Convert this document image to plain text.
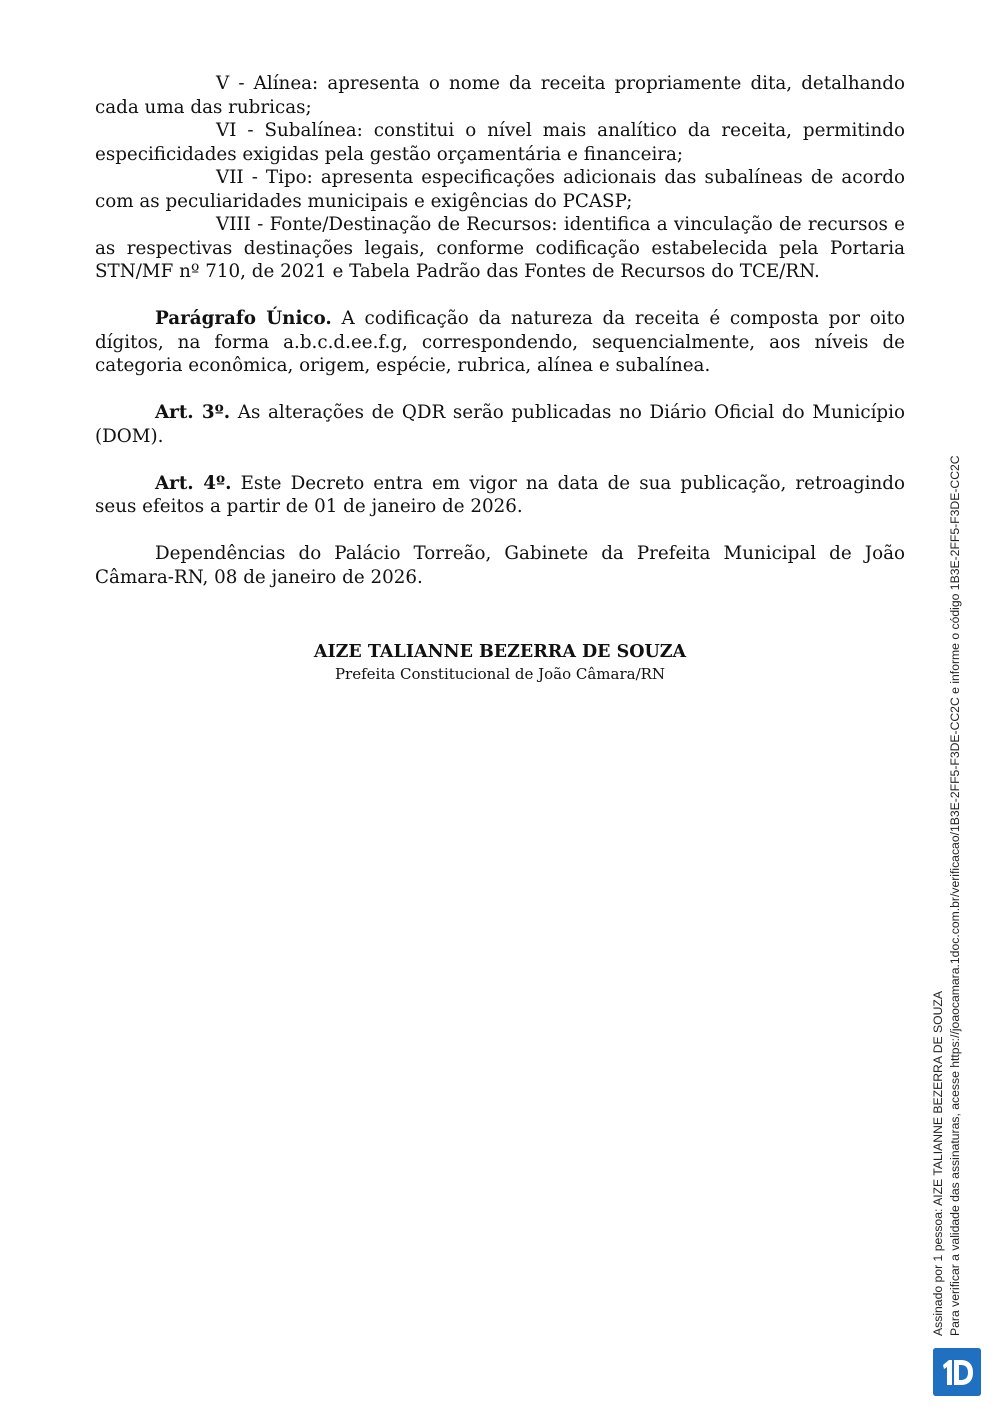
V - Alínea: apresenta o nome da receita propriamente dita, detalhando cada uma das rubricas;

VI - Subalínea: constitui o nível mais analítico da receita, permitindo especificidades exigidas pela gestão orçamentária e financeira;

VII - Tipo: apresenta especificações adicionais das subalíneas de acordo com as peculiaridades municipais e exigências do PCASP;

VIII - Fonte/Destinação de Recursos: identifica a vinculação de recursos e as respectivas destinações legais, conforme codificação estabelecida pela Portaria STN/MF nº 710, de 2021 e Tabela Padrão das Fontes de Recursos do TCE/RN.

Parágrafo Único. A codificação da natureza da receita é composta por oito dígitos, na forma a.b.c.d.ee.f.g, correspondendo, sequencialmente, aos níveis de categoria econômica, origem, espécie, rubrica, alínea e subalínea.

Art. 3º. As alterações de QDR serão publicadas no Diário Oficial do Município (DOM).

Art. 4º. Este Decreto entra em vigor na data de sua publicação, retroagindo seus efeitos a partir de 01 de janeiro de 2026.

Dependências do Palácio Torreão, Gabinete da Prefeita Municipal de João Câmara-RN, 08 de janeiro de 2026.

AIZE TALIANNE BEZERRA DE SOUZA
Prefeita Constitucional de João Câmara/RN
Assinado por 1 pessoa: AIZE TALIANNE BEZERRA DE SOUZA Para verificar a validade das assinaturas, acesse https://joaocamara.1doc.com.br/verificacao/1B3E-2FF5-F3DE-CC2C e informe o código 1B3E-2FF5-F3DE-CC2C
